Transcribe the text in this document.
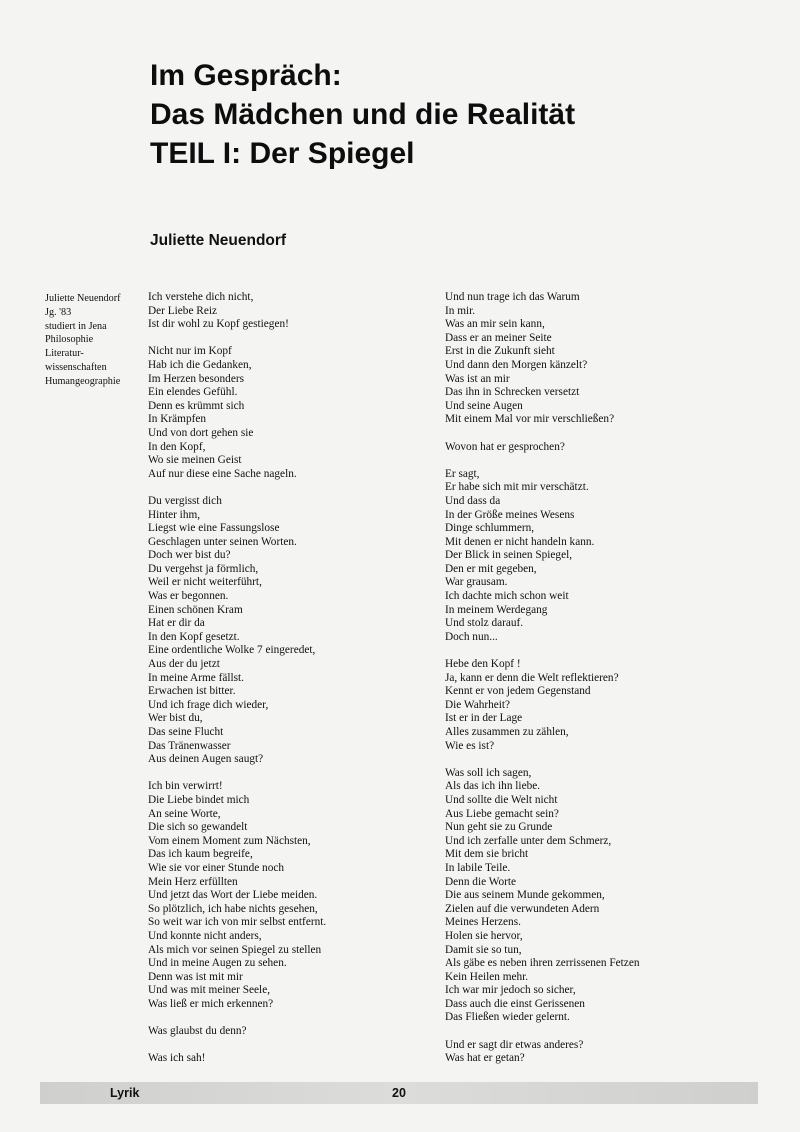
Im Gespräch:
Das Mädchen und die Realität
TEIL I: Der Spiegel
Juliette Neuendorf
Juliette Neuendorf
Jg. '83
studiert in Jena
Philosophie
Literatur-
wissenschaften
Humangeographie
Ich verstehe dich nicht,
Der Liebe Reiz
Ist dir wohl zu Kopf gestiegen!
Nicht nur im Kopf
Hab ich die Gedanken,
Im Herzen besonders
Ein elendes Gefühl.
Denn es krümmt sich
In Krämpfen
Und von dort gehen sie
In den Kopf,
Wo sie meinen Geist
Auf nur diese eine Sache nageln.
Du vergisst dich
Hinter ihm,
Liegst wie eine Fassungslose
Geschlagen unter seinen Worten.
Doch wer bist du?
Du vergehst ja förmlich,
Weil er nicht weiterführt,
Was er begonnen.
Einen schönen Kram
Hat er dir da
In den Kopf gesetzt.
Eine ordentliche Wolke 7 eingeredet,
Aus der du jetzt
In meine Arme fällst.
Erwachen ist bitter.
Und ich frage dich wieder,
Wer bist du,
Das seine Flucht
Das Tränenwasser
Aus deinen Augen saugt?
Ich bin verwirrt!
Die Liebe bindet mich
An seine Worte,
Die sich so gewandelt
Vom einem Moment zum Nächsten,
Das ich kaum begreife,
Wie sie vor einer Stunde noch
Mein Herz erfüllten
Und jetzt das Wort der Liebe meiden.
So plötzlich, ich habe nichts gesehen,
So weit war ich von mir selbst entfernt.
Und konnte nicht anders,
Als mich vor seinen Spiegel zu stellen
Und in meine Augen zu sehen.
Denn was ist mit mir
Und was mit meiner Seele,
Was ließ er mich erkennen?
Was glaubst du denn?
Was ich sah!
Und nun trage ich das Warum
In mir.
Was an mir sein kann,
Dass er an meiner Seite
Erst in die Zukunft sieht
Und dann den Morgen känzelt?
Was ist an mir
Das ihn in Schrecken versetzt
Und seine Augen
Mit einem Mal vor mir verschließen?
Wovon hat er gesprochen?
Er sagt,
Er habe sich mit mir verschätzt.
Und dass da
In der Größe meines Wesens
Dinge schlummern,
Mit denen er nicht handeln kann.
Der Blick in seinen Spiegel,
Den er mit gegeben,
War grausam.
Ich dachte mich schon weit
In meinem Werdegang
Und stolz darauf.
Doch nun...
Hebe den Kopf !
Ja, kann er denn die Welt reflektieren?
Kennt er von jedem Gegenstand
Die Wahrheit?
Ist er in der Lage
Alles zusammen zu zählen,
Wie es ist?
Was soll ich sagen,
Als das ich ihn liebe.
Und sollte die Welt nicht
Aus Liebe gemacht sein?
Nun geht sie zu Grunde
Und ich zerfalle unter dem Schmerz,
Mit dem sie bricht
In labile Teile.
Denn die Worte
Die aus seinem Munde gekommen,
Zielen auf die verwundeten Adern
Meines Herzens.
Holen sie hervor,
Damit sie so tun,
Als gäbe es neben ihren zerrissenen Fetzen
Kein Heilen mehr.
Ich war mir jedoch so sicher,
Dass auch die einst Gerissenen
Das Fließen wieder gelernt.
Und er sagt dir etwas anderes?
Was hat er getan?
Lyrik	20
